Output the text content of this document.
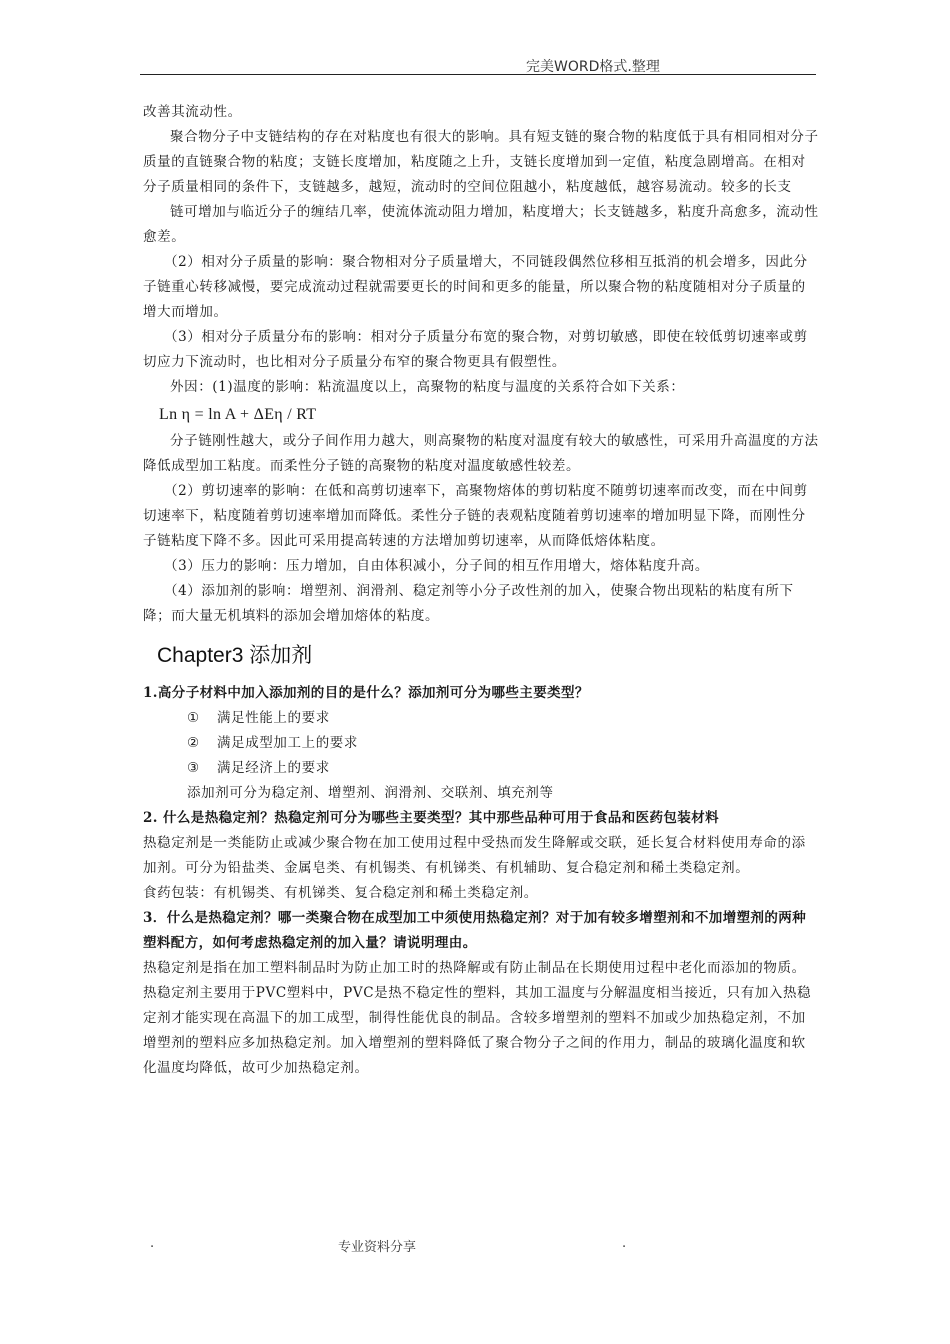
完美WORD格式.整理

改善其流动性。

聚合物分子中支链结构的存在对粘度也有很大的影响。具有短支链的聚合物的粘度低于具有相同相对分子质量的直链聚合物的粘度；支链长度增加，粘度随之上升，支链长度增加到一定值，粘度急剧增高。在相对分子质量相同的条件下，支链越多，越短，流动时的空间位阻越小，粘度越低，越容易流动。较多的长支

链可增加与临近分子的缠结几率，使流体流动阻力增加，粘度增大；长支链越多，粘度升高愈多，流动性愈差。

（2）相对分子质量的影响：聚合物相对分子质量增大，不同链段偶然位移相互抵消的机会增多，因此分子链重心转移减慢，要完成流动过程就需要更长的时间和更多的能量，所以聚合物的粘度随相对分子质量的增大而增加。

（3）相对分子质量分布的影响：相对分子质量分布宽的聚合物，对剪切敏感，即使在较低剪切速率或剪切应力下流动时，也比相对分子质量分布窄的聚合物更具有假塑性。

外因：(1)温度的影响：粘流温度以上，高聚物的粘度与温度的关系符合如下关系：

Ln η = ln A + ΔEη / RT

分子链刚性越大，或分子间作用力越大，则高聚物的粘度对温度有较大的敏感性，可采用升高温度的方法降低成型加工粘度。而柔性分子链的高聚物的粘度对温度敏感性较差。

（2）剪切速率的影响：在低和高剪切速率下，高聚物熔体的剪切粘度不随剪切速率而改变，而在中间剪切速率下，粘度随着剪切速率增加而降低。柔性分子链的表观粘度随着剪切速率的增加明显下降，而刚性分子链粘度下降不多。因此可采用提高转速的方法增加剪切速率，从而降低熔体粘度。

（3）压力的影响：压力增加，自由体积减小，分子间的相互作用增大，熔体粘度升高。

（4）添加剂的影响：增塑剂、润滑剂、稳定剂等小分子改性剂的加入，使聚合物出现粘的粘度有所下降；而大量无机填料的添加会增加熔体的粘度。

Chapter3 添加剂

1.高分子材料中加入添加剂的目的是什么？添加剂可分为哪些主要类型？

① 满足性能上的要求

② 满足成型加工上的要求

③ 满足经济上的要求

添加剂可分为稳定剂、增塑剂、润滑剂、交联剂、填充剂等

2. 什么是热稳定剂？热稳定剂可分为哪些主要类型？其中那些品种可用于食品和医药包装材料

热稳定剂是一类能防止或减少聚合物在加工使用过程中受热而发生降解或交联，延长复合材料使用寿命的添加剂。可分为铅盐类、金属皂类、有机锡类、有机锑类、有机辅助、复合稳定剂和稀土类稳定剂。

食药包装：有机锡类、有机锑类、复合稳定剂和稀土类稳定剂。

3．什么是热稳定剂？哪一类聚合物在成型加工中须使用热稳定剂？对于加有较多增塑剂和不加增塑剂的两种塑料配方，如何考虑热稳定剂的加入量？请说明理由。

热稳定剂是指在加工塑料制品时为防止加工时的热降解或有防止制品在长期使用过程中老化而添加的物质。 热稳定剂主要用于PVC塑料中，PVC是热不稳定性的塑料，其加工温度与分解温度相当接近，只有加入热稳定剂才能实现在高温下的加工成型，制得性能优良的制品。含较多增塑剂的塑料不加或少加热稳定剂，不加增塑剂的塑料应多加热稳定剂。加入增塑剂的塑料降低了聚合物分子之间的作用力，制品的玻璃化温度和软化温度均降低，故可少加热稳定剂。

.	专业资料分享	.
